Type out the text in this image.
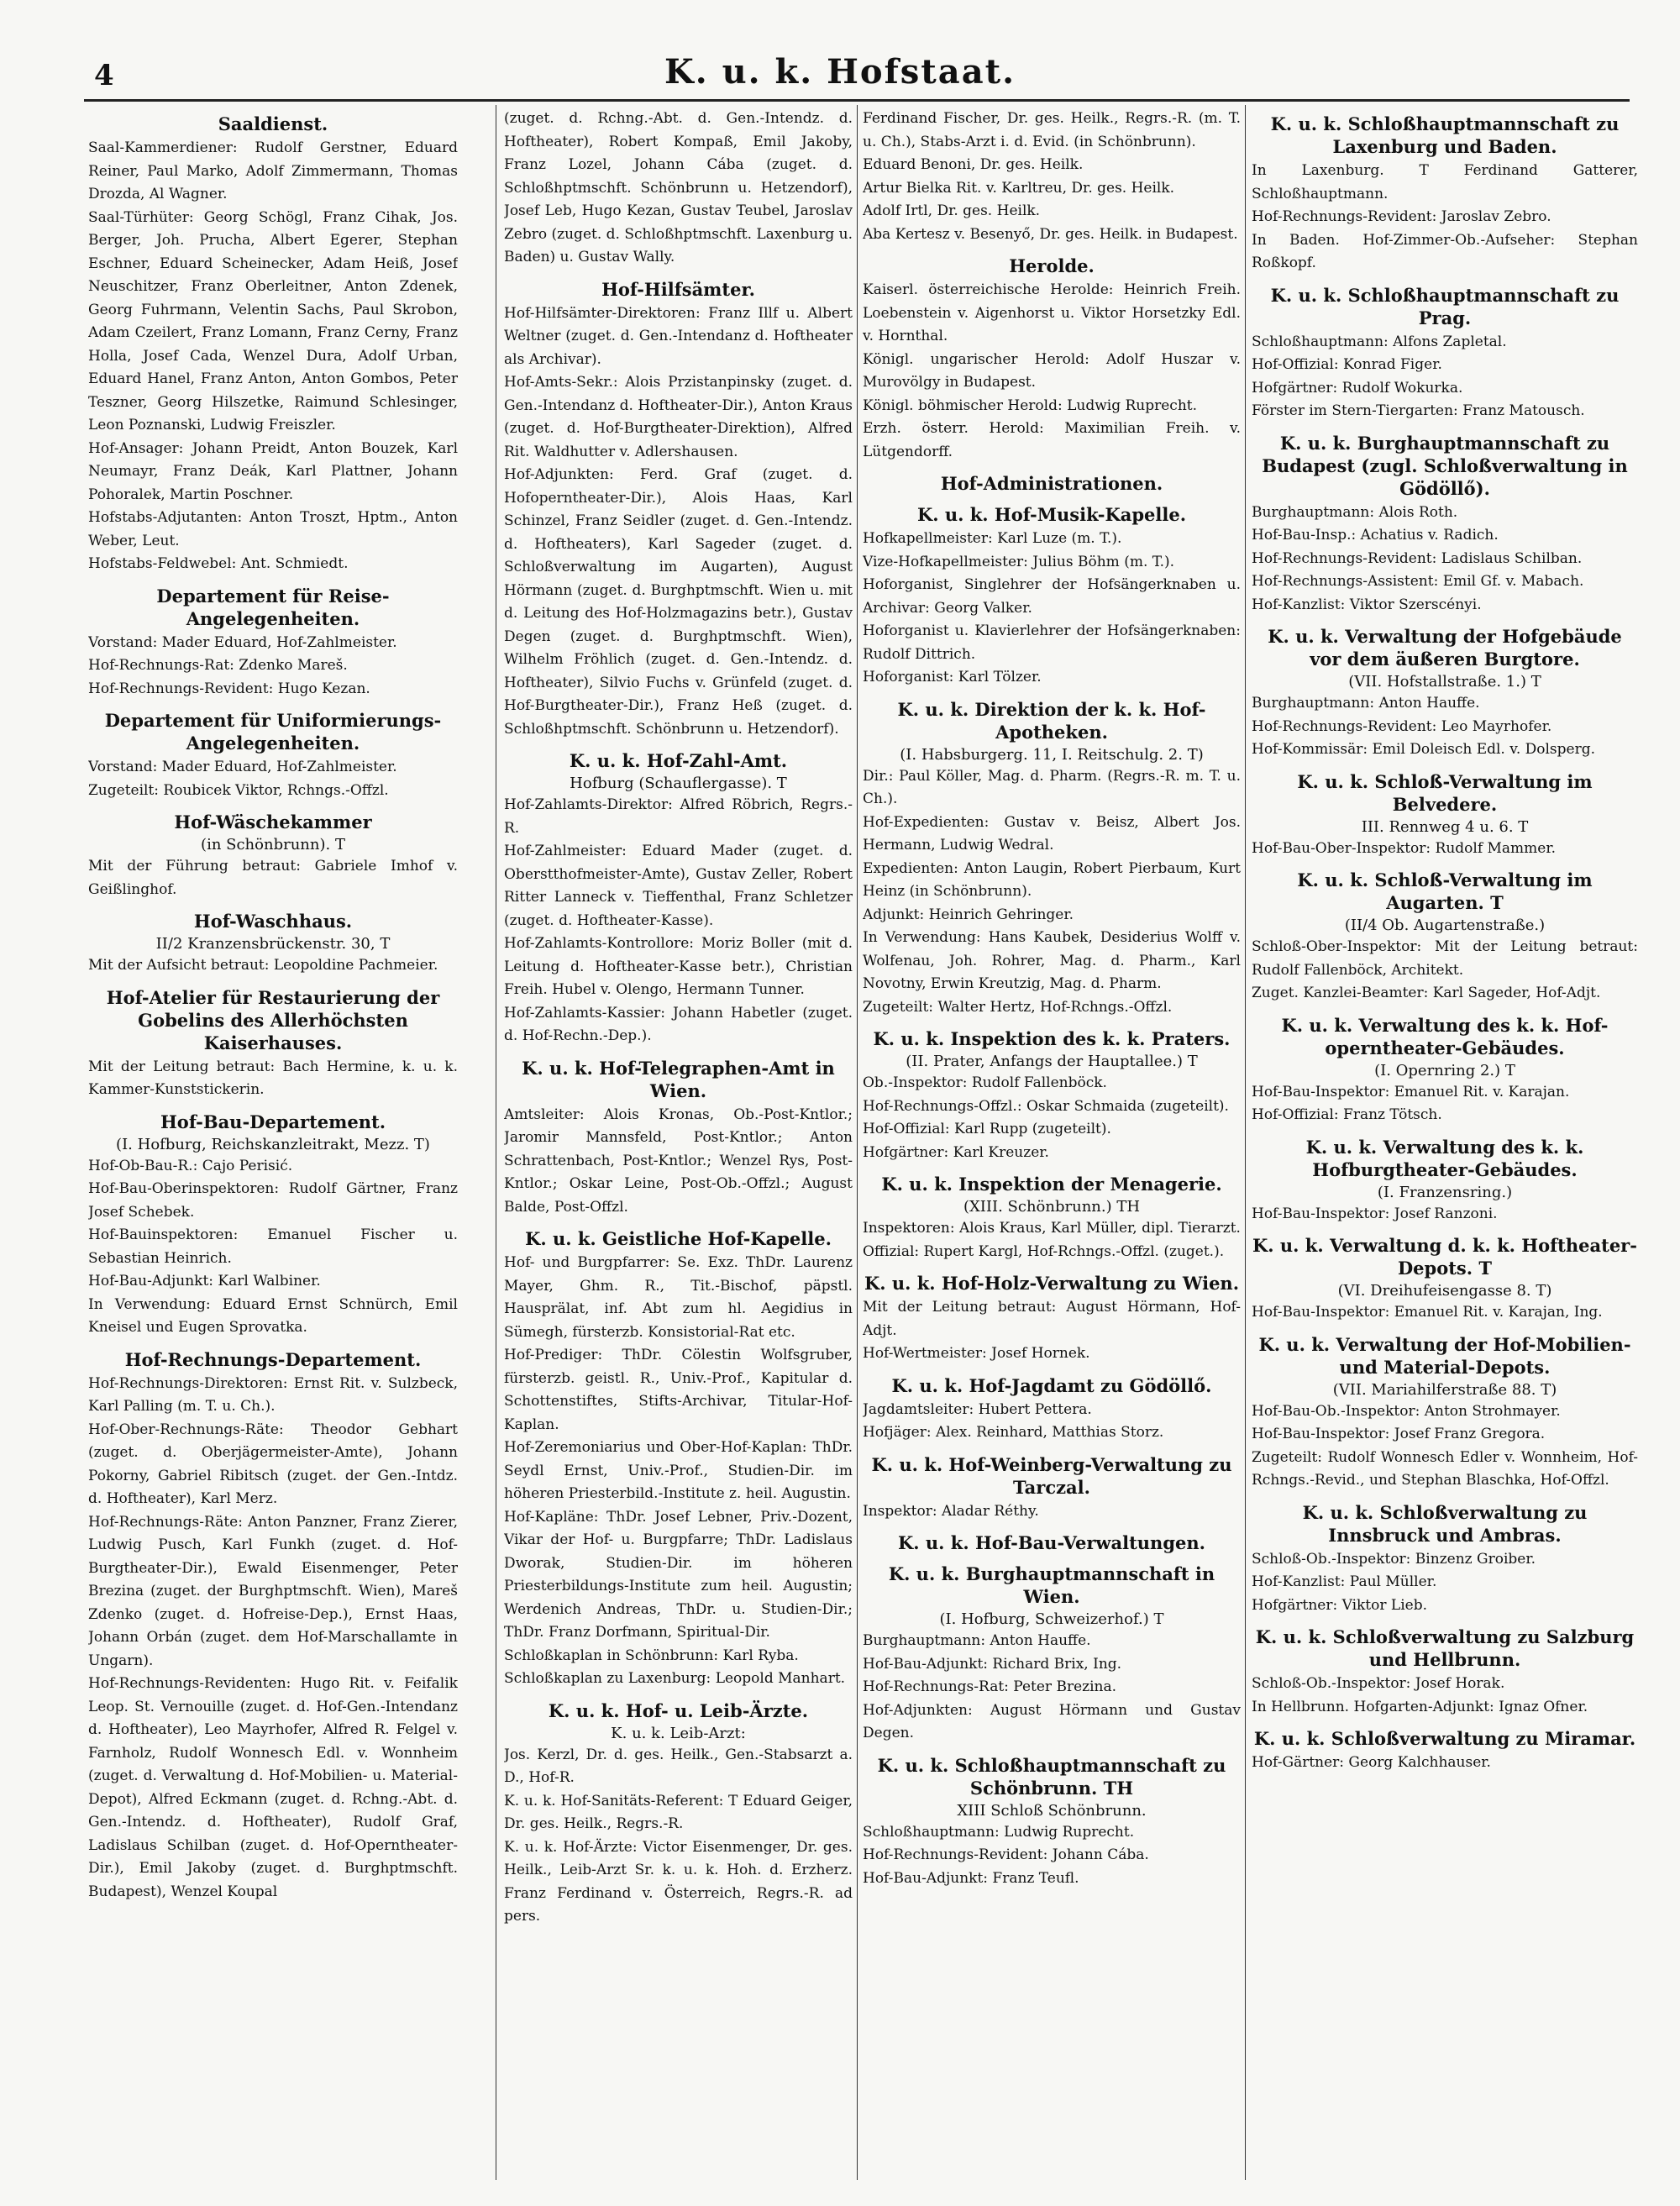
4	K. u. k. Hofstaat.
Saaldienst.
Saal-Kammerdiener: Rudolf Gerstner, Eduard Reiner, Paul Marko, Adolf Zimmermann, Thomas Drozda, Al Wagner.
Saal-Türhüter: Georg Schögl, Franz Cihak, Jos. Berger, Joh. Prucha, Albert Egerer, Stephan Eschner, Eduard Scheinecker, Adam Heiß, Josef Neuschitzer, Franz Oberleitner, Anton Zdenek, Georg Fuhrmann, Velentin Sachs, Paul Skrobon, Adam Czeilert, Franz Lomann, Franz Cerny, Franz Holla, Josef Cada, Wenzel Dura, Adolf Urban, Eduard Hanel, Franz Anton, Anton Gombos, Peter Teszner, Georg Hilszetke, Raimund Schlesinger, Leon Poznanski, Ludwig Freiszler.
Hof-Ansager: Johann Preidt, Anton Bouzek, Karl Neumayr, Franz Deák, Karl Plattner, Johann Pohoralek, Martin Poschner.
Hofstabs-Adjutanten: Anton Troszt, Hptm., Anton Weber, Leut.
Hofstabs-Feldwebel: Ant. Schmiedt.
Departement für Reise-Angelegenheiten.
Vorstand: Mader Eduard, Hof-Zahlmeister.
Hof-Rechnungs-Rat: Zdenko Mareš.
Hof-Rechnungs-Revident: Hugo Kezan.
Departement für Uniformierungs-Angelegenheiten.
Vorstand: Mader Eduard, Hof-Zahlmeister.
Zugeteilt: Roubicek Viktor, Rchngs.-Offzl.
Hof-Wäschekammer
(in Schönbrunn). T
Mit der Führung betraut: Gabriele Imhof v. Geißlinghof.
Hof-Waschhaus.
II/2 Kranzensbrückenstr. 30, T
Mit der Aufsicht betraut: Leopoldine Pachmeier.
Hof-Atelier für Restaurierung der Gobelins des Allerhöchsten Kaiserhauses.
Mit der Leitung betraut: Bach Hermine, k. u. k. Kammer-Kunststickerin.
Hof-Bau-Departement.
(I. Hofburg, Reichskanzleitrakt, Mezz. T)
Hof-Ob-Bau-R.: Cajo Perisić.
Hof-Bau-Oberinspektoren: Rudolf Gärtner, Franz Josef Schebek.
Hof-Bauinspektoren: Emanuel Fischer u. Sebastian Heinrich.
Hof-Bau-Adjunkt: Karl Walbiner.
In Verwendung: Eduard Ernst Schnürch, Emil Kneisel und Eugen Sprovatka.
Hof-Rechnungs-Departement.
Hof-Rechnungs-Direktoren: Ernst Rit. v. Sulzbeck, Karl Palling (m. T. u. Ch.).
Hof-Ober-Rechnungs-Räte: Theodor Gebhart (zuget. d. Oberjägermeister-Amte), Johann Pokorny, Gabriel Ribitsch (zuget. der Gen.-Intdz. d. Hoftheater), Karl Merz.
Hof-Rechnungs-Räte: Anton Panzner, Franz Zierer, Ludwig Pusch, Karl Funkh (zuget. d. Hof-Burgtheater-Dir.), Ewald Eisenmenger, Peter Brezina (zuget. der Burghptmschft. Wien), Mareš Zdenko (zuget. d. Hofreise-Dep.), Ernst Haas, Johann Orbán (zuget. dem Hof-Marschallamte in Ungarn).
Hof-Rechnungs-Revidenten: Hugo Rit. v. Feifalik Leop. St. Vernouille (zuget. d. Hof-Gen.-Intendanz d. Hoftheater), Leo Mayrhofer, Alfred R. Felgel v. Farnholz, Rudolf Wonnesch Edl. v. Wonnheim (zuget. d. Verwaltung d. Hof-Mobilien- u. Material-Depot), Alfred Eckmann (zuget. d. Rchng.-Abt. d. Gen.-Intendz. d. Hoftheater), Rudolf Graf, Ladislaus Schilban (zuget. d. Hof-Operntheater-Dir.), Emil Jakoby (zuget. d. Burghptmschft. Budapest), Wenzel Koupal
(zuget. d. Rchng.-Abt. d. Gen.-Intendz. d. Hoftheater), Robert Kompaß, Emil Jakoby, Franz Lozel, Johann Cába (zuget. d. Schloßhptmschft. Schönbrunn u. Hetzendorf), Josef Leb, Hugo Kezan, Gustav Teubel, Jaroslav Zebro (zuget. d. Schloßhptmschft. Laxenburg u. Baden) u. Gustav Wally.
Hof-Hilfsämter.
Hof-Hilfsämter-Direktoren: Franz Illf u. Albert Weltner (zuget. d. Gen.-Intendanz d. Hoftheater als Archivar).
Hof-Amts-Sekr.: Alois Przistanpinsky (zuget. d. Gen.-Intendanz d. Hoftheater-Dir.), Anton Kraus (zuget. d. Hof-Burgtheater-Direktion), Alfred Rit. Waldhutter v. Adlershausen.
Hof-Adjunkten: Ferd. Graf (zuget. d. Hofoperntheater-Dir.), Alois Haas, Karl Schinzel, Franz Seidler (zuget. d. Gen.-Intendz. d. Hoftheaters), Karl Sageder (zuget. d. Schloßverwaltung im Augarten), August Hörmann (zuget. d. Burghptmschft. Wien u. mit d. Leitung des Hof-Holzmagazins betr.), Gustav Degen (zuget. d. Burghptmschft. Wien), Wilhelm Fröhlich (zuget. d. Gen.-Intendz. d. Hoftheater), Silvio Fuchs v. Grünfeld (zuget. d. Hof-Burgtheater-Dir.), Franz Heß (zuget. d. Schloßhptmschft. Schönbrunn u. Hetzendorf).
K. u. k. Hof-Zahl-Amt.
Hofburg (Schauflergasse). T
Hof-Zahlamts-Direktor: Alfred Röbrich, Regrs.-R.
Hof-Zahlmeister: Eduard Mader (zuget. d. Oberstthofmeister-Amte), Gustav Zeller, Robert Ritter Lanneck v. Tieffenthal, Franz Schletzer (zuget. d. Hoftheater-Kasse).
Hof-Zahlamts-Kontrollore: Moriz Boller (mit d. Leitung d. Hoftheater-Kasse betr.), Christian Freih. Hubel v. Olengo, Hermann Tunner.
Hof-Zahlamts-Kassier: Johann Habetler (zuget. d. Hof-Rechn.-Dep.).
K. u. k. Hof-Telegraphen-Amt in Wien.
Amtsleiter: Alois Kronas, Ob.-Post-Kntlor.; Jaromir Mannsfeld, Post-Kntlor.; Anton Schrattenbach, Post-Kntlor.; Wenzel Rys, Post-Kntlor.; Oskar Leine, Post-Ob.-Offzl.; August Balde, Post-Offzl.
K. u. k. Geistliche Hof-Kapelle.
Hof- und Burgpfarrer: Se. Exz. ThDr. Laurenz Mayer, Ghm. R., Tit.-Bischof, päpstl. Hausprälat, inf. Abt zum hl. Aegidius in Sümegh, fürsterzb. Konsistorial-Rat etc.
Hof-Prediger: ThDr. Cölestin Wolfsgruber, fürsterzb. geistl. R., Univ.-Prof., Kapitular d. Schottenstiftes, Stifts-Archivar, Titular-Hof-Kaplan.
Hof-Zeremoniarius und Ober-Hof-Kaplan: ThDr. Seydl Ernst, Univ.-Prof., Studien-Dir. im höheren Priesterbild.-Institute z. heil. Augustin.
Hof-Kapläne: ThDr. Josef Lebner, Priv.-Dozent, Vikar der Hof- u. Burgpfarre; ThDr. Ladislaus Dworak, Studien-Dir. im höheren Priesterbildungs-Institute zum heil. Augustin; Werdenich Andreas, ThDr. u. Studien-Dir.; ThDr. Franz Dorfmann, Spiritual-Dir.
Schloßkaplan in Schönbrunn: Karl Ryba.
Schloßkaplan zu Laxenburg: Leopold Manhart.
K. u. k. Hof- u. Leib-Ärzte.
K. u. k. Leib-Arzt:
Jos. Kerzl, Dr. d. ges. Heilk., Gen.-Stabsarzt a. D., Hof-R.
K. u. k. Hof-Sanitäts-Referent: T Eduard Geiger, Dr. ges. Heilk., Regrs.-R.
K. u. k. Hof-Ärzte: Victor Eisenmenger, Dr. ges. Heilk., Leib-Arzt Sr. k. u. k. Hoh. d. Erzherz. Franz Ferdinand v. Österreich, Regrs.-R. ad pers.
Ferdinand Fischer, Dr. ges. Heilk., Regrs.-R. (m. T. u. Ch.), Stabs-Arzt i. d. Evid. (in Schönbrunn).
Eduard Benoni, Dr. ges. Heilk.
Artur Bielka Rit. v. Karltreu, Dr. ges. Heilk.
Adolf Irtl, Dr. ges. Heilk.
Aba Kertesz v. Besenyő, Dr. ges. Heilk. in Budapest.
Herolde.
Kaiserl. österreichische Herolde: Heinrich Freih. Loebenstein v. Aigenhorst u. Viktor Horsetzky Edl. v. Hornthal.
Königl. ungarischer Herold: Adolf Huszar v. Murovölgy in Budapest.
Königl. böhmischer Herold: Ludwig Ruprecht.
Erzh. österr. Herold: Maximilian Freih. v. Lütgendorff.
Hof-Administrationen.
K. u. k. Hof-Musik-Kapelle.
Hofkapellmeister: Karl Luze (m. T.).
Vize-Hofkapellmeister: Julius Böhm (m. T.).
Hoforganist, Singlehrer der Hofsängerknaben u. Archivar: Georg Valker.
Hoforganist u. Klavierlehrer der Hofsängerknaben: Rudolf Dittrich.
Hoforganist: Karl Tölzer.
K. u. k. Direktion der k. k. Hof-Apotheken.
(I. Habsburgerg. 11, I. Reitschulg. 2. T)
Dir.: Paul Köller, Mag. d. Pharm. (Regrs.-R. m. T. u. Ch.).
Hof-Expedienten: Gustav v. Beisz, Albert Jos. Hermann, Ludwig Wedral.
Expedienten: Anton Laugin, Robert Pierbaum, Kurt Heinz (in Schönbrunn).
Adjunkt: Heinrich Gehringer.
In Verwendung: Hans Kaubek, Desiderius Wolff v. Wolfenau, Joh. Rohrer, Mag. d. Pharm., Karl Novotny, Erwin Kreutzig, Mag. d. Pharm.
Zugeteilt: Walter Hertz, Hof-Rchngs.-Offzl.
K. u. k. Inspektion des k. k. Praters.
(II. Prater, Anfangs der Hauptallee.) T
Ob.-Inspektor: Rudolf Fallenböck.
Hof-Rechnungs-Offzl.: Oskar Schmaida (zugeteilt).
Hof-Offizial: Karl Rupp (zugeteilt).
Hofgärtner: Karl Kreuzer.
K. u. k. Inspektion der Menagerie.
(XIII. Schönbrunn.) TH
Inspektoren: Alois Kraus, Karl Müller, dipl. Tierarzt.
Offizial: Rupert Kargl, Hof-Rchngs.-Offzl. (zuget.).
K. u. k. Hof-Holz-Verwaltung zu Wien.
Mit der Leitung betraut: August Hörmann, Hof-Adjt.
Hof-Wertmeister: Josef Hornek.
K. u. k. Hof-Jagdamt zu Gödöllő.
Jagdamtsleiter: Hubert Pettera.
Hofjäger: Alex. Reinhard, Matthias Storz.
K. u. k. Hof-Weinberg-Verwaltung zu Tarczal.
Inspektor: Aladar Réthy.
K. u. k. Hof-Bau-Verwaltungen.
K. u. k. Burghauptmannschaft in Wien.
(I. Hofburg, Schweizerhof.) T
Burghauptmann: Anton Hauffe.
Hof-Bau-Adjunkt: Richard Brix, Ing.
Hof-Rechnungs-Rat: Peter Brezina.
Hof-Adjunkten: August Hörmann und Gustav Degen.
K. u. k. Schloßhauptmannschaft zu Schönbrunn. TH
XIII Schloß Schönbrunn.
Schloßhauptmann: Ludwig Ruprecht.
Hof-Rechnungs-Revident: Johann Cába.
Hof-Bau-Adjunkt: Franz Teufl.
K. u. k. Schloßhauptmannschaft zu Laxenburg und Baden.
In Laxenburg. T Ferdinand Gatterer, Schloßhauptmann.
Hof-Rechnungs-Revident: Jaroslav Zebro.
In Baden. Hof-Zimmer-Ob.-Aufseher: Stephan Roßkopf.
K. u. k. Schloßhauptmannschaft zu Prag.
Schloßhauptmann: Alfons Zapletal.
Hof-Offizial: Konrad Figer.
Hofgärtner: Rudolf Wokurka.
Förster im Stern-Tiergarten: Franz Matousch.
K. u. k. Burghauptmannschaft zu Budapest (zugl. Schloßverwaltung in Gödöllő).
Burghauptmann: Alois Roth.
Hof-Bau-Insp.: Achatius v. Radich.
Hof-Rechnungs-Revident: Ladislaus Schilban.
Hof-Rechnungs-Assistent: Emil Gf. v. Mabach.
Hof-Kanzlist: Viktor Szerscényi.
K. u. k. Verwaltung der Hofgebäude vor dem äußeren Burgtore.
(VII. Hofstallstraße. 1.) T
Burghauptmann: Anton Hauffe.
Hof-Rechnungs-Revident: Leo Mayrhofer.
Hof-Kommissär: Emil Doleisch Edl. v. Dolsperg.
K. u. k. Schloß-Verwaltung im Belvedere.
III. Rennweg 4 u. 6. T
Hof-Bau-Ober-Inspektor: Rudolf Mammer.
K. u. k. Schloß-Verwaltung im Augarten. T
(II/4 Ob. Augartenstraße.)
Schloß-Ober-Inspektor: Mit der Leitung betraut: Rudolf Fallenböck, Architekt.
Zuget. Kanzlei-Beamter: Karl Sageder, Hof-Adjt.
K. u. k. Verwaltung des k. k. Hof-operntheater-Gebäudes.
(I. Opernring 2.) T
Hof-Bau-Inspektor: Emanuel Rit. v. Karajan.
Hof-Offizial: Franz Tötsch.
K. u. k. Verwaltung des k. k. Hofburgtheater-Gebäudes.
(I. Franzensring.)
Hof-Bau-Inspektor: Josef Ranzoni.
K. u. k. Verwaltung d. k. k. Hoftheater-Depots. T
(VI. Dreihufeisengasse 8. T)
Hof-Bau-Inspektor: Emanuel Rit. v. Karajan, Ing.
K. u. k. Verwaltung der Hof-Mobilien- und Material-Depots.
(VII. Mariahilferstraße 88. T)
Hof-Bau-Ob.-Inspektor: Anton Strohmayer.
Hof-Bau-Inspektor: Josef Franz Gregora.
Zugeteilt: Rudolf Wonnesch Edler v. Wonnheim, Hof-Rchngs.-Revid., und Stephan Blaschka, Hof-Offzl.
K. u. k. Schloßverwaltung zu Innsbruck und Ambras.
Schloß-Ob.-Inspektor: Binzenz Groiber.
Hof-Kanzlist: Paul Müller.
Hofgärtner: Viktor Lieb.
K. u. k. Schloßverwaltung zu Salzburg und Hellbrunn.
Schloß-Ob.-Inspektor: Josef Horak.
In Hellbrunn. Hofgarten-Adjunkt: Ignaz Ofner.
K. u. k. Schloßverwaltung zu Miramar.
Hof-Gärtner: Georg Kalchhauser.
